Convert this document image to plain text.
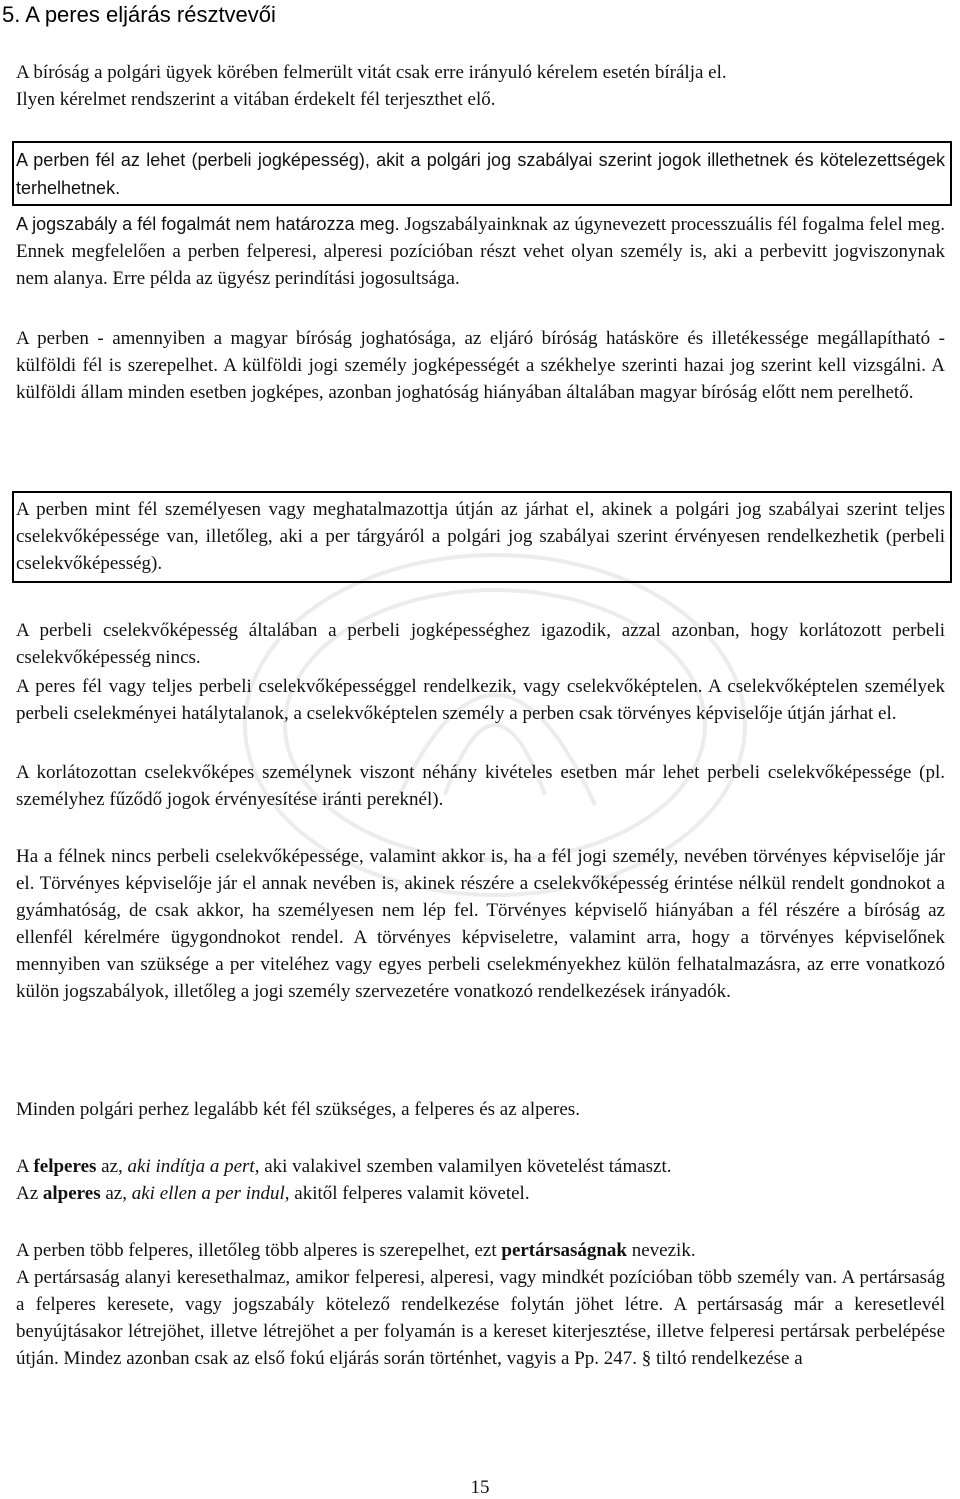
5. A peres eljárás résztvevői

A bíróság a polgári ügyek körében felmerült vitát csak erre irányuló kérelem esetén bírálja el.
Ilyen kérelmet rendszerint a vitában érdekelt fél terjeszthet elő.

A perben fél az lehet (perbeli jogképesség), akit a polgári jog szabályai szerint jogok illethetnek és kötelezettségek terhelhetnek.

A jogszabály a fél fogalmát nem határozza meg. Jogszabályainknak az úgynevezett processzuális fél fogalma felel meg. Ennek megfelelően a perben felperesi, alperesi pozícióban részt vehet olyan személy is, aki a perbevitt jogviszonynak nem alanya. Erre példa az ügyész perindítási jogosultsága.

A perben - amennyiben a magyar bíróság joghatósága, az eljáró bíróság hatásköre és illetékessége megállapítható - külföldi fél is szerepelhet. A külföldi jogi személy jogképességét a székhelye szerinti hazai jog szerint kell vizsgálni. A külföldi állam minden esetben jogképes, azonban joghatóság hiányában általában magyar bíróság előtt nem perelhető.

A perben mint fél személyesen vagy meghatalmazottja útján az járhat el, akinek a polgári jog szabályai szerint teljes cselekvőképessége van, illetőleg, aki a per tárgyáról a polgári jog szabályai szerint érvényesen rendelkezhetik (perbeli cselekvőképesség).

A perbeli cselekvőképesség általában a perbeli jogképességhez igazodik, azzal azonban, hogy korlátozott perbeli cselekvőképesség nincs.

A peres fél vagy teljes perbeli cselekvőképességgel rendelkezik, vagy cselekvőképtelen. A cselekvőképtelen személyek perbeli cselekményei hatálytalanok, a cselekvőképtelen személy a perben csak törvényes képviselője útján járhat el.

A korlátozottan cselekvőképes személynek viszont néhány kivételes esetben már lehet perbeli cselekvőképessége (pl. személyhez fűződő jogok érvényesítése iránti pereknél).

Ha a félnek nincs perbeli cselekvőképessége, valamint akkor is, ha a fél jogi személy, nevében törvényes képviselője jár el. Törvényes képviselője jár el annak nevében is, akinek részére a cselekvőképesség érintése nélkül rendelt gondnokot a gyámhatóság, de csak akkor, ha személyesen nem lép fel. Törvényes képviselő hiányában a fél részére a bíróság az ellenfél kérelmére ügygondnokot rendel. A törvényes képviseletre, valamint arra, hogy a törvényes képviselőnek mennyiben van szüksége a per viteléhez vagy egyes perbeli cselekményekhez külön felhatalmazásra, az erre vonatkozó külön jogszabályok, illetőleg a jogi személy szervezetére vonatkozó rendelkezések irányadók.

Minden polgári perhez legalább két fél szükséges, a felperes és az alperes.

A felperes az, aki indítja a pert, aki valakivel szemben valamilyen követelést támaszt.
Az alperes az, aki ellen a per indul, akitől felperes valamit követel.

A perben több felperes, illetőleg több alperes is szerepelhet, ezt pertársaságnak nevezik.

A pertársaság alanyi keresethalmaz, amikor felperesi, alperesi, vagy mindkét pozícióban több személy van. A pertársaság a felperes keresete, vagy jogszabály kötelező rendelkezése folytán jöhet létre. A pertársaság már a keresetlevél benyújtásakor létrejöhet, illetve létrejöhet a per folyamán is a kereset kiterjesztése, illetve felperesi pertársak perbelépése útján. Mindez azonban csak az első fokú eljárás során történhet, vagyis a Pp. 247. § tiltó rendelkezése a

15
